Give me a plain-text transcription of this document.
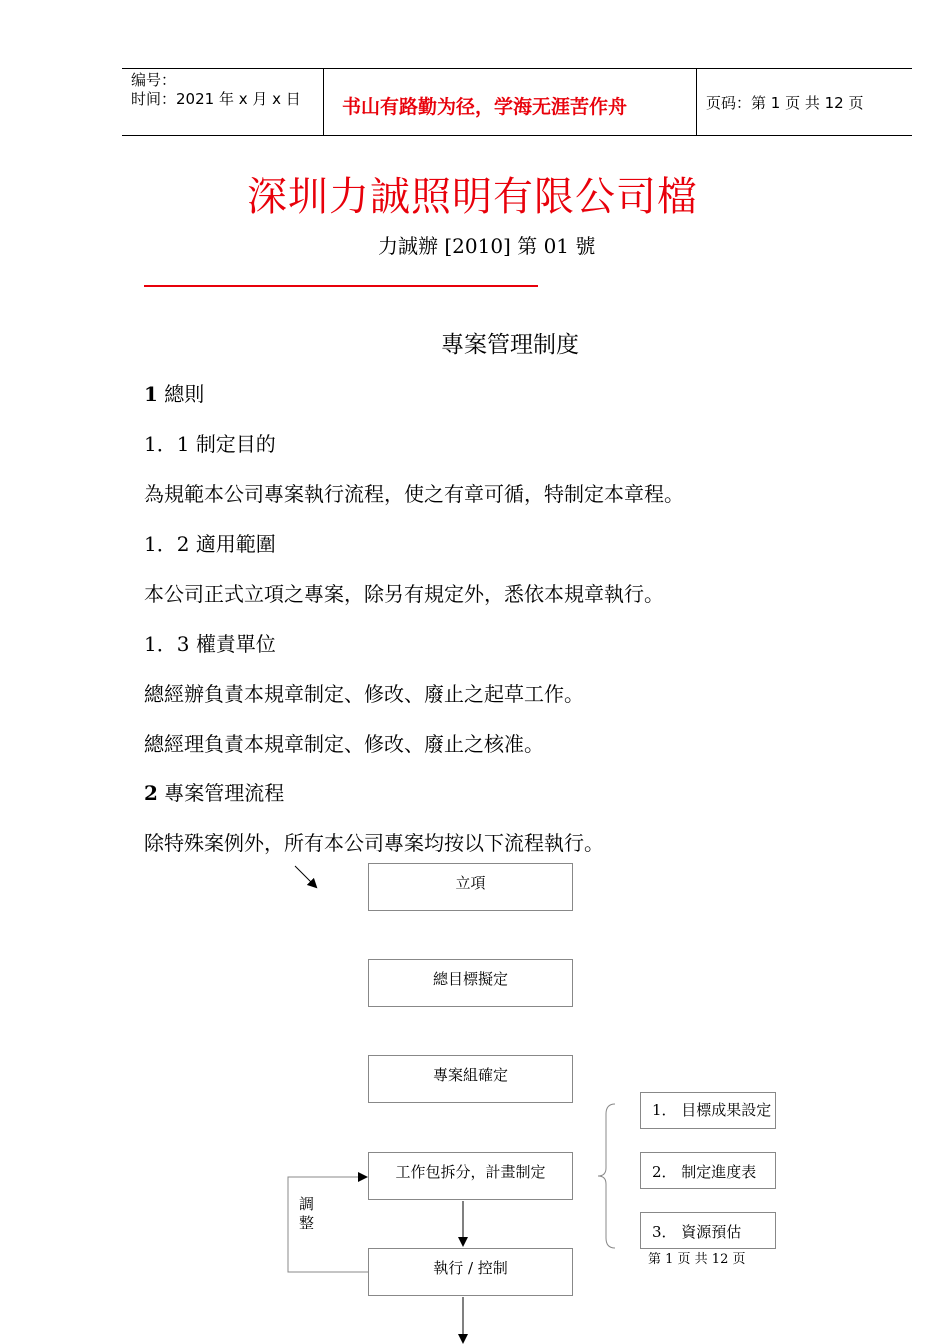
编号：
时间：2021 年 x 月 x 日 书山有路勤为径，学海无涯苦作舟	页码：第 1 页 共 12 页
深圳力誠照明有限公司檔
力誠辦 [2010] 第 01 號
專案管理制度
1 總則
1．1 制定目的
為規範本公司專案執行流程，使之有章可循，特制定本章程。
1．2 適用範圍
本公司正式立項之專案，除另有規定外，悉依本規章執行。
1．3 權責單位
總經辦負責本規章制定、修改、廢止之起草工作。
總經理負責本規章制定、修改、廢止之核准。
2 專案管理流程
除特殊案例外，所有本公司專案均按以下流程執行。
立項
總目標擬定
專案組確定
工作包拆分，計畫制定
執行 / 控制
調整
1． 目標成果設定
2． 制定進度表
3． 資源預估
第 1 页 共 12 页
